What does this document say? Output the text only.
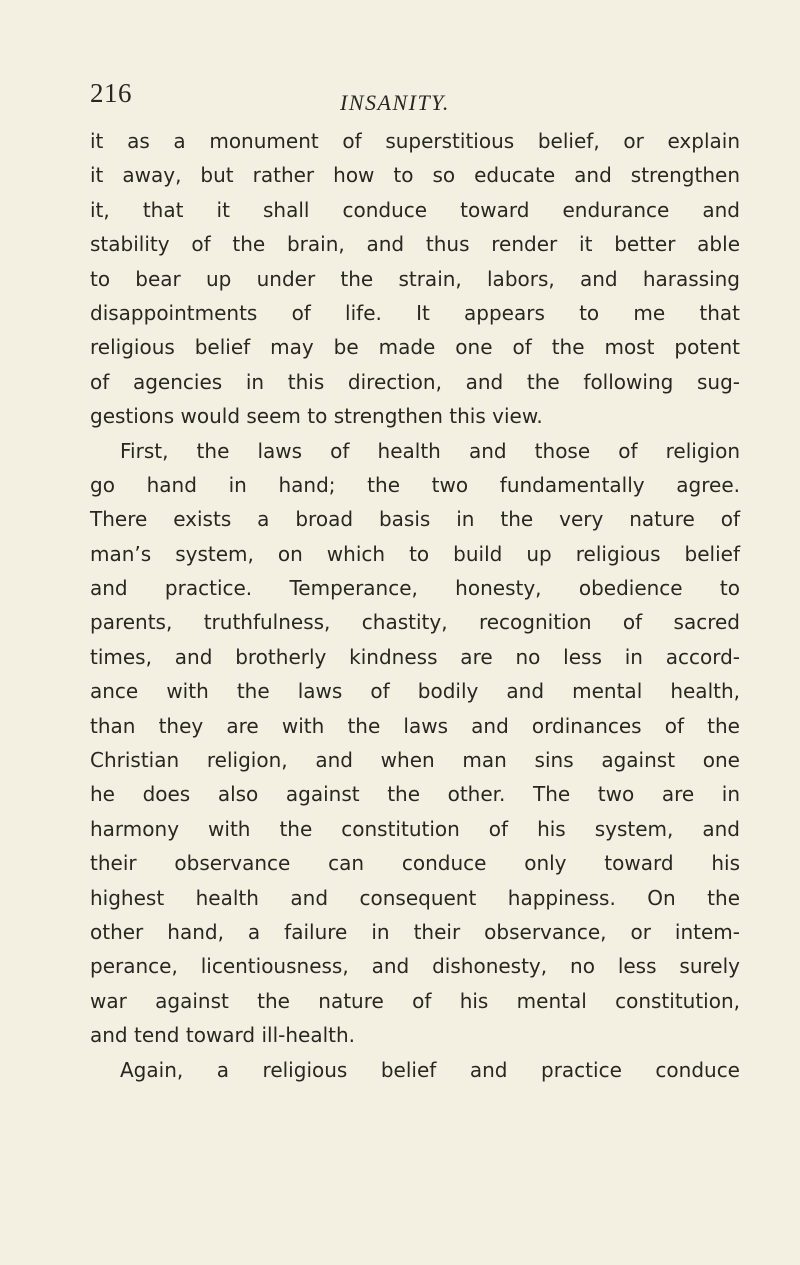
216	INSANITY.
it as a monument of superstitious belief, or explain
it away, but rather how to so educate and strengthen
it, that it shall conduce toward endurance and
stability of the brain, and thus render it better able
to bear up under the strain, labors, and harassing
disappointments of life. It appears to me that
religious belief may be made one of the most potent
of agencies in this direction, and the following sug-
gestions would seem to strengthen this view.
First, the laws of health and those of religion
go hand in hand; the two fundamentally agree.
There exists a broad basis in the very nature of
man’s system, on which to build up religious belief
and practice. Temperance, honesty, obedience to
parents, truthfulness, chastity, recognition of sacred
times, and brotherly kindness are no less in accord-
ance with the laws of bodily and mental health,
than they are with the laws and ordinances of the
Christian religion, and when man sins against one
he does also against the other. The two are in
harmony with the constitution of his system, and
their observance can conduce only toward his
highest health and consequent happiness. On the
other hand, a failure in their observance, or intem-
perance, licentiousness, and dishonesty, no less surely
war against the nature of his mental constitution,
and tend toward ill-health.
Again, a religious belief and practice conduce
